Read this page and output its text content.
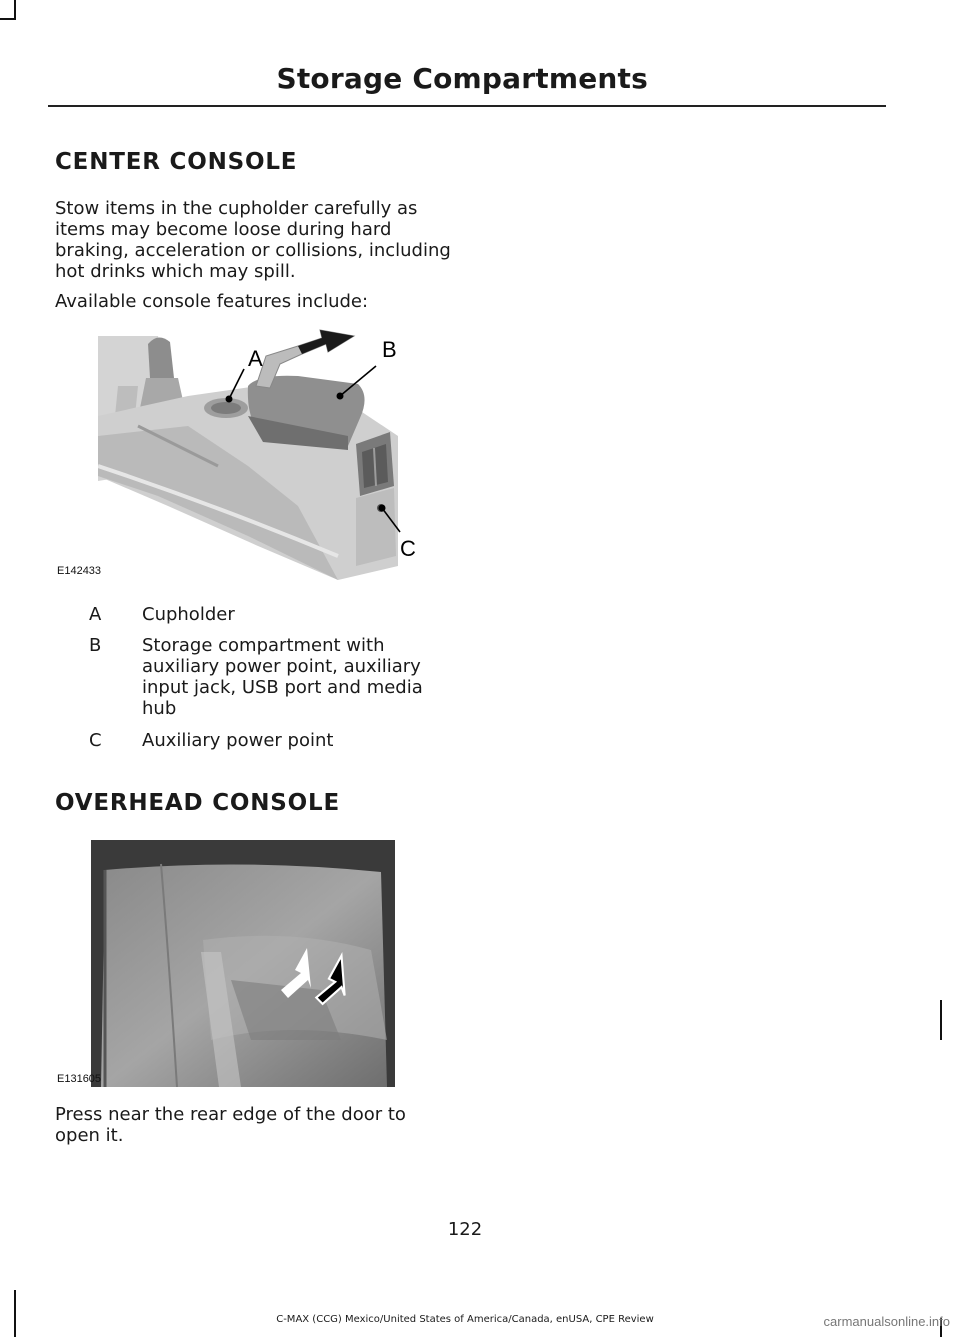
Storage Compartments
CENTER CONSOLE

Stow items in the cupholder carefully as items may become loose during hard braking, acceleration or collisions, including hot drinks which may spill.

Available console features include:

A	B
C
E142433
A Cupholder
B Storage compartment with auxiliary power point, auxiliary input jack, USB port and media hub
C Auxiliary power point
OVERHEAD CONSOLE
E131605

Press near the rear edge of the door to open it.

122

C-MAX (CCG) Mexico/United States of America/Canada, enUSA, CPE Review	carmanualsonline.info
